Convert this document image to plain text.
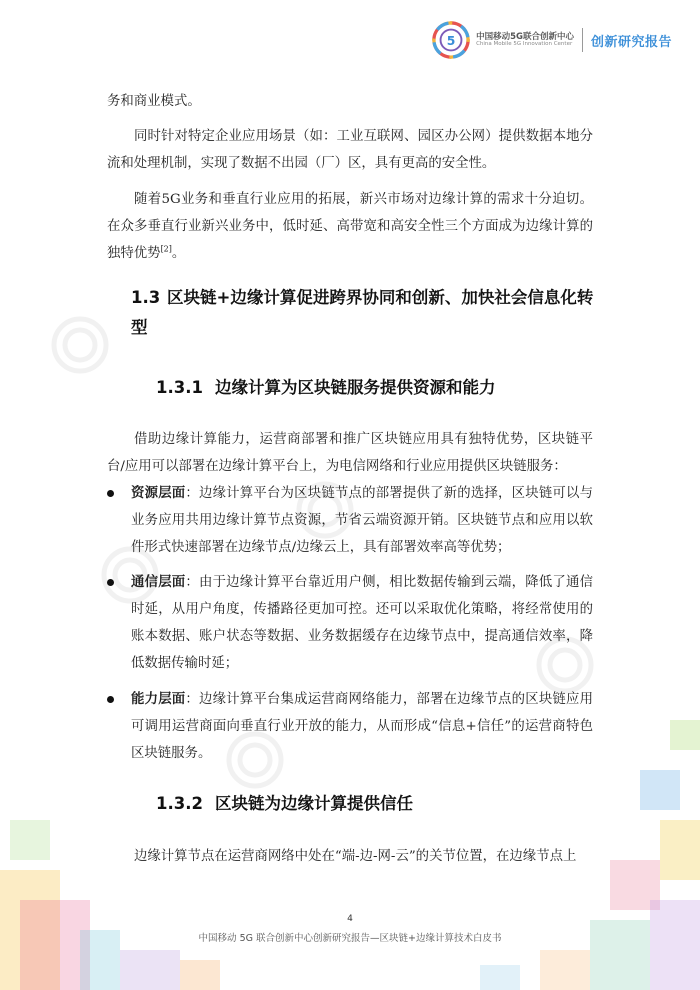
5 中国移动5G联合创新中心
China Mobile 5G Innovation Center 创新研究报告
务和商业模式。
同时针对特定企业应用场景（如：工业互联网、园区办公网）提供数据本地分流和处理机制，实现了数据不出园（厂）区，具有更高的安全性。
随着5G业务和垂直行业应用的拓展，新兴市场对边缘计算的需求十分迫切。在众多垂直行业新兴业务中，低时延、高带宽和高安全性三个方面成为边缘计算的独特优势[2]。
1.3 区块链+边缘计算促进跨界协同和创新、加快社会信息化转型
1.3.1 边缘计算为区块链服务提供资源和能力
借助边缘计算能力，运营商部署和推广区块链应用具有独特优势，区块链平台/应用可以部署在边缘计算平台上，为电信网络和行业应用提供区块链服务：
资源层面：边缘计算平台为区块链节点的部署提供了新的选择，区块链可以与业务应用共用边缘计算节点资源，节省云端资源开销。区块链节点和应用以软件形式快速部署在边缘节点/边缘云上，具有部署效率高等优势；
通信层面：由于边缘计算平台靠近用户侧，相比数据传输到云端，降低了通信时延，从用户角度，传播路径更加可控。还可以采取优化策略，将经常使用的账本数据、账户状态等数据、业务数据缓存在边缘节点中，提高通信效率，降低数据传输时延；
能力层面：边缘计算平台集成运营商网络能力，部署在边缘节点的区块链应用可调用运营商面向垂直行业开放的能力，从而形成“信息+信任”的运营商特色区块链服务。
1.3.2 区块链为边缘计算提供信任
边缘计算节点在运营商网络中处在“端-边-网-云”的关节位置，在边缘节点上
4
中国移动 5G 联合创新中心创新研究报告—区块链+边缘计算技术白皮书
